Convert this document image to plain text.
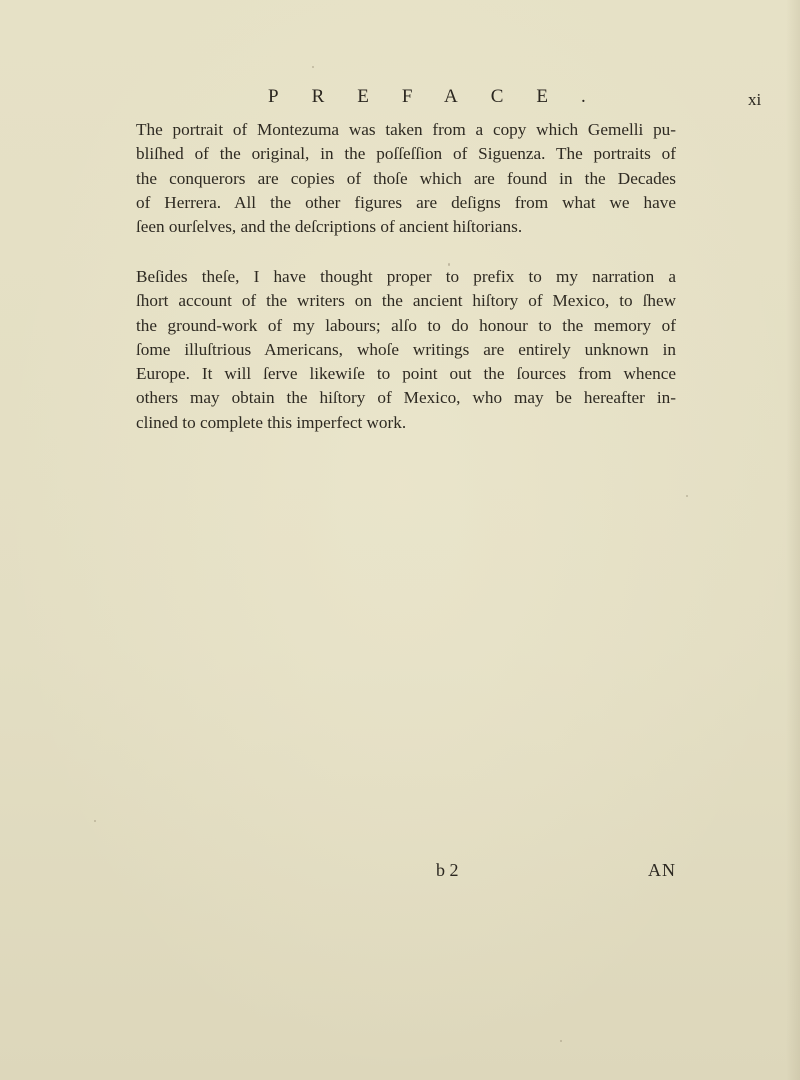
PREFACE.	xi

The portrait of Montezuma was taken from a copy which Gemelli pu-
bliſhed of the original, in the poſſeſſion of Siguenza. The portraits of
the conquerors are copies of thoſe which are found in the Decades
of Herrera. All the other figures are deſigns from what we have
ſeen ourſelves, and the deſcriptions of ancient hiſtorians.

Beſides theſe, I have thought proper to prefix to my narration a
ſhort account of the writers on the ancient hiſtory of Mexico, to ſhew
the ground-work of my labours; alſo to do honour to the memory of
ſome illuſtrious Americans, whoſe writings are entirely unknown in
Europe. It will ſerve likewiſe to point out the ſources from whence
others may obtain the hiſtory of Mexico, who may be hereafter in-
clined to complete this imperfect work.

b 2	AN
